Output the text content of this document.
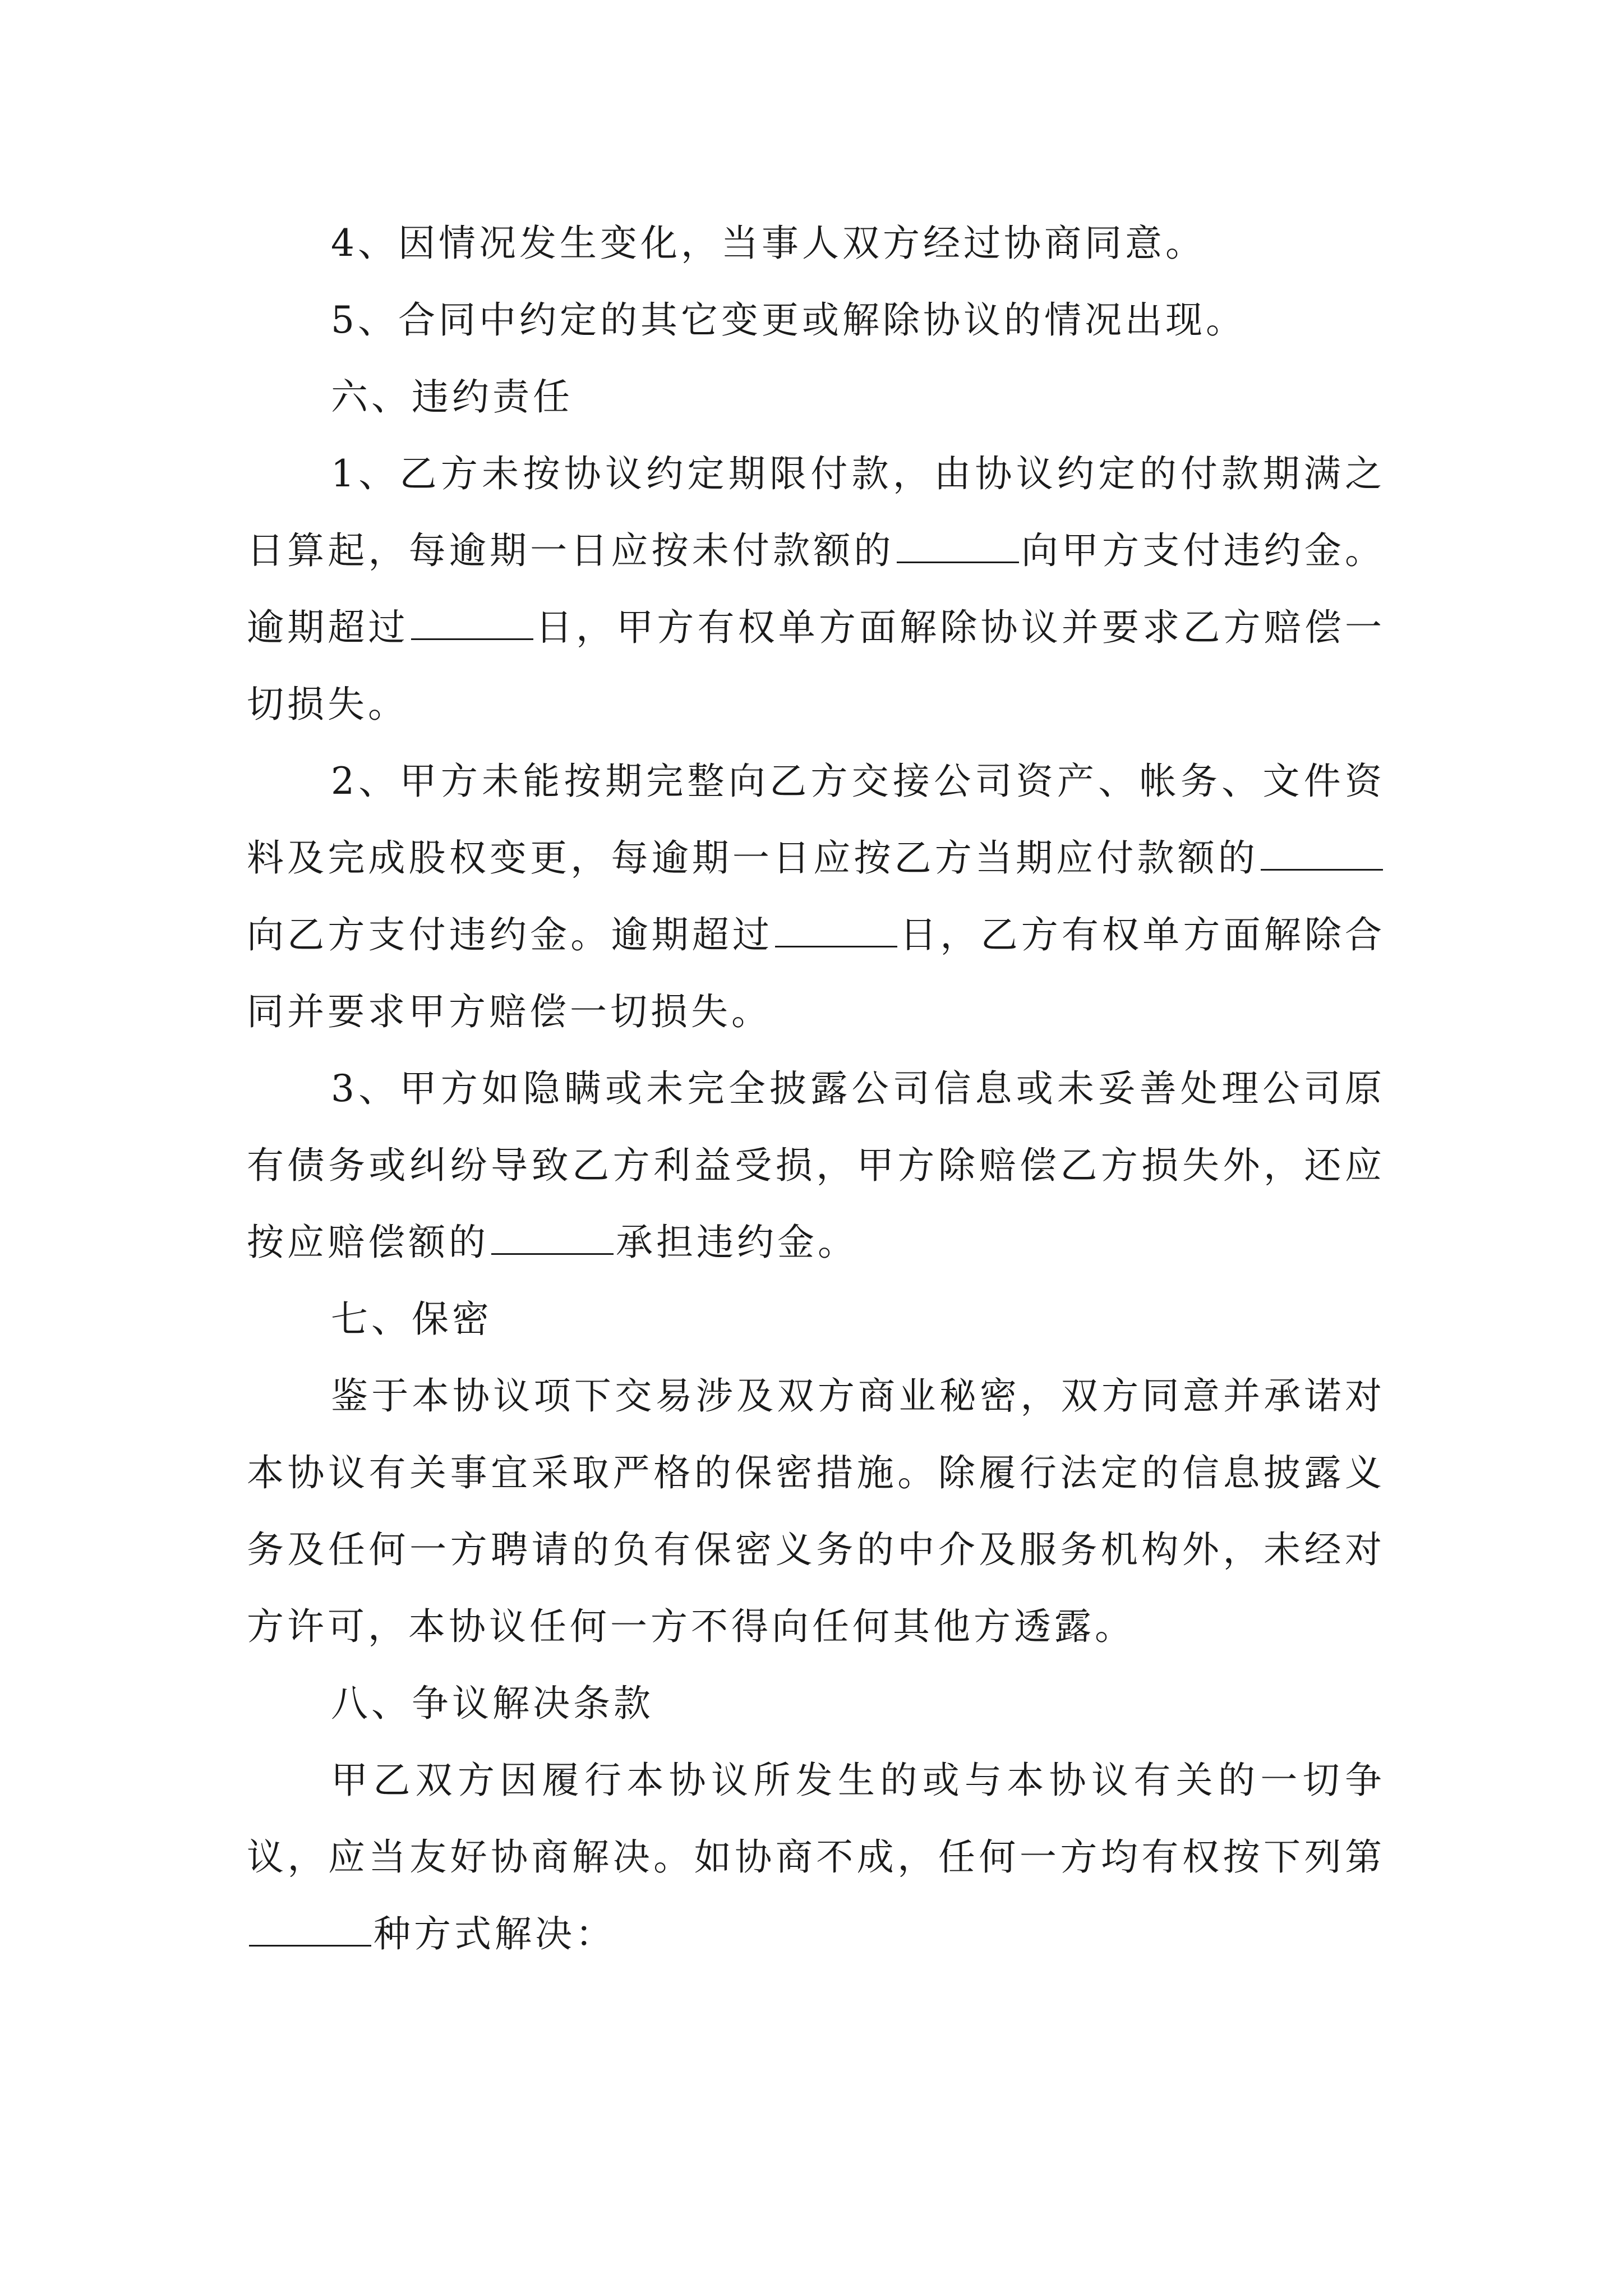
4、因情况发生变化，当事人双方经过协商同意。

5、合同中约定的其它变更或解除协议的情况出现。

六、违约责任

1、乙方未按协议约定期限付款，由协议约定的付款期满之日算起，每逾期一日应按未付款额的	向甲方支付违约金。逾期超过	日，甲方有权单方面解除协议并要求乙方赔偿一切损失。

2、甲方未能按期完整向乙方交接公司资产、帐务、文件资料及完成股权变更，每逾期一日应按乙方当期应付款额的向乙方支付违约金。逾期超过	日，乙方有权单方面解除合同并要求甲方赔偿一切损失。

3、甲方如隐瞒或未完全披露公司信息或未妥善处理公司原有债务或纠纷导致乙方利益受损，甲方除赔偿乙方损失外，还应按应赔偿额的	承担违约金。

七、保密

鉴于本协议项下交易涉及双方商业秘密，双方同意并承诺对本协议有关事宜采取严格的保密措施。除履行法定的信息披露义务及任何一方聘请的负有保密义务的中介及服务机构外，未经对方许可，本协议任何一方不得向任何其他方透露。

八、争议解决条款

甲乙双方因履行本协议所发生的或与本协议有关的一切争议，应当友好协商解决。如协商不成，任何一方均有权按下列第种方式解决：
